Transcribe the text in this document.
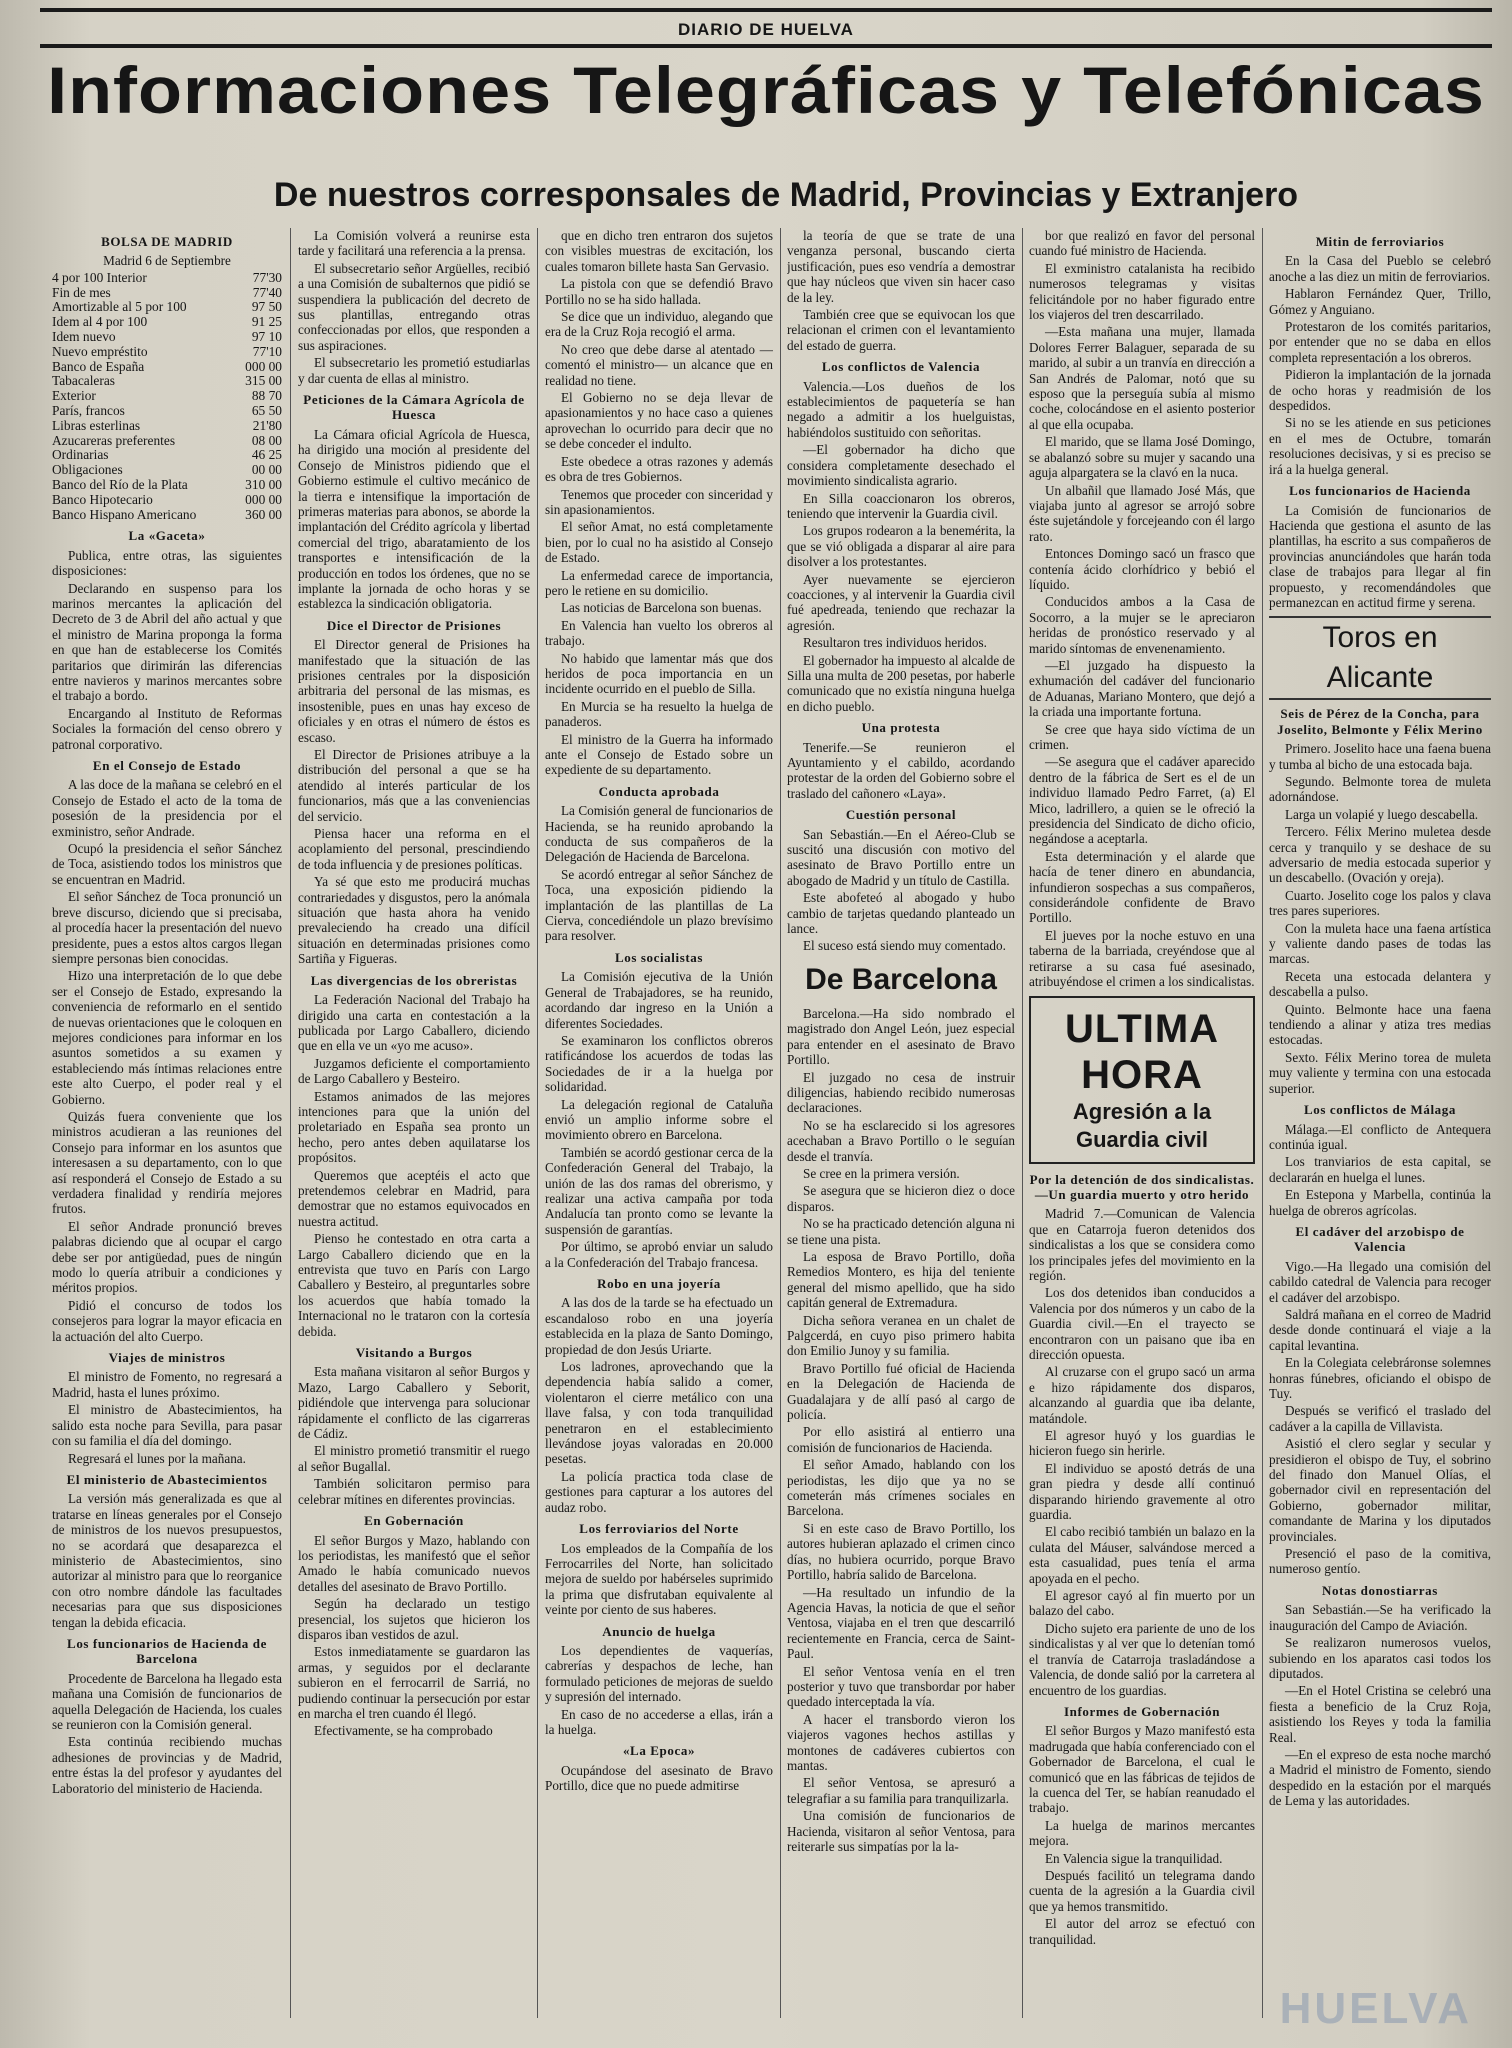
DIARIO DE HUELVA
Informaciones Telegráficas y Telefónicas
De nuestros corresponsales de Madrid, Provincias y Extranjero
BOLSA DE MADRID
Madrid 6 de Septiembre
4 por 100 Interior	77'30
Fin de mes	77'40
Amortizable al 5 por 100	97 50
Idem al 4 por 100	91 25
Idem nuevo	97 10
Nuevo empréstito	77'10
Banco de España	000 00
Tabacaleras	315 00
Exterior	88 70
París, francos	65 50
Libras esterlinas	21'80
Azucareras preferentes	08 00
Ordinarias	46 25
Obligaciones	00 00
Banco del Río de la Plata	310 00
Banco Hipotecario	000 00
Banco Hispano Americano	360 00
La «Gaceta»

Publica, entre otras, las siguientes disposiciones:

Declarando en suspenso para los marinos mercantes la aplicación del Decreto de 3 de Abril del año actual y que el ministro de Marina proponga la forma en que han de establecerse los Comités paritarios que dirimirán las diferencias entre navieros y marinos mercantes sobre el trabajo a bordo.

Encargando al Instituto de Reformas Sociales la formación del censo obrero y patronal corporativo.

En el Consejo de Estado

A las doce de la mañana se celebró en el Consejo de Estado el acto de la toma de posesión de la presidencia por el exministro, señor Andrade.

Ocupó la presidencia el señor Sánchez de Toca, asistiendo todos los ministros que se encuentran en Madrid.

El señor Sánchez de Toca pronunció un breve discurso, diciendo que si precisaba, al procedía hacer la presentación del nuevo presidente, pues a estos altos cargos llegan siempre personas bien conocidas.

Hizo una interpretación de lo que debe ser el Consejo de Estado, expresando la conveniencia de reformarlo en el sentido de nuevas orientaciones que le coloquen en mejores condiciones para informar en los asuntos sometidos a su examen y estableciendo más íntimas relaciones entre este alto Cuerpo, el poder real y el Gobierno.

Quizás fuera conveniente que los ministros acudieran a las reuniones del Consejo para informar en los asuntos que interesasen a su departamento, con lo que así responderá el Consejo de Estado a su verdadera finalidad y rendiría mejores frutos.

El señor Andrade pronunció breves palabras diciendo que al ocupar el cargo debe ser por antigüedad, pues de ningún modo lo quería atribuir a condiciones y méritos propios.

Pidió el concurso de todos los consejeros para lograr la mayor eficacia en la actuación del alto Cuerpo.

Viajes de ministros

El ministro de Fomento, no regresará a Madrid, hasta el lunes próximo.

El ministro de Abastecimientos, ha salido esta noche para Sevilla, para pasar con su familia el día del domingo.

Regresará el lunes por la mañana.

El ministerio de Abastecimientos

La versión más generalizada es que al tratarse en líneas generales por el Consejo de ministros de los nuevos presupuestos, no se acordará que desaparezca el ministerio de Abastecimientos, sino autorizar al ministro para que lo reorganice con otro nombre dándole las facultades necesarias para que sus disposiciones tengan la debida eficacia.

Los funcionarios de Hacienda de Barcelona

Procedente de Barcelona ha llegado esta mañana una Comisión de funcionarios de aquella Delegación de Hacienda, los cuales se reunieron con la Comisión general.

Esta continúa recibiendo muchas adhesiones de provincias y de Madrid, entre éstas la del profesor y ayudantes del Laboratorio del ministerio de Hacienda.

La Comisión volverá a reunirse esta tarde y facilitará una referencia a la prensa.

El subsecretario señor Argüelles, recibió a una Comisión de subalternos que pidió se suspendiera la publicación del decreto de sus plantillas, entregando otras confeccionadas por ellos, que responden a sus aspiraciones.

El subsecretario les prometió estudiarlas y dar cuenta de ellas al ministro.

Peticiones de la Cámara Agrícola de Huesca

La Cámara oficial Agrícola de Huesca, ha dirigido una moción al presidente del Consejo de Ministros pidiendo que el Gobierno estimule el cultivo mecánico de la tierra e intensifique la importación de primeras materias para abonos, se aborde la implantación del Crédito agrícola y libertad comercial del trigo, abaratamiento de los transportes e intensificación de la producción en todos los órdenes, que no se implante la jornada de ocho horas y se establezca la sindicación obligatoria.

Dice el Director de Prisiones

El Director general de Prisiones ha manifestado que la situación de las prisiones centrales por la disposición arbitraria del personal de las mismas, es insostenible, pues en unas hay exceso de oficiales y en otras el número de éstos es escaso.

El Director de Prisiones atribuye a la distribución del personal a que se ha atendido al interés particular de los funcionarios, más que a las conveniencias del servicio.

Piensa hacer una reforma en el acoplamiento del personal, prescindiendo de toda influencia y de presiones políticas.

Ya sé que esto me producirá muchas contrariedades y disgustos, pero la anómala situación que hasta ahora ha venido prevaleciendo ha creado una difícil situación en determinadas prisiones como Sartiña y Figueras.

Las divergencias de los obreristas

La Federación Nacional del Trabajo ha dirigido una carta en contestación a la publicada por Largo Caballero, diciendo que en ella ve un «yo me acuso».

Juzgamos deficiente el comportamiento de Largo Caballero y Besteiro.

Estamos animados de las mejores intenciones para que la unión del proletariado en España sea pronto un hecho, pero antes deben aquilatarse los propósitos.

Queremos que aceptéis el acto que pretendemos celebrar en Madrid, para demostrar que no estamos equivocados en nuestra actitud.

Pienso he contestado en otra carta a Largo Caballero diciendo que en la entrevista que tuvo en París con Largo Caballero y Besteiro, al preguntarles sobre los acuerdos que había tomado la Internacional no le trataron con la cortesía debida.

Visitando a Burgos

Esta mañana visitaron al señor Burgos y Mazo, Largo Caballero y Seborit, pidiéndole que intervenga para solucionar rápidamente el conflicto de las cigarreras de Cádiz.

El ministro prometió transmitir el ruego al señor Bugallal.

También solicitaron permiso para celebrar mítines en diferentes provincias.

En Gobernación

El señor Burgos y Mazo, hablando con los periodistas, les manifestó que el señor Amado le había comunicado nuevos detalles del asesinato de Bravo Portillo.

Según ha declarado un testigo presencial, los sujetos que hicieron los disparos iban vestidos de azul.

Estos inmediatamente se guardaron las armas, y seguidos por el declarante subieron en el ferrocarril de Sarriá, no pudiendo continuar la persecución por estar en marcha el tren cuando él llegó.

Efectivamente, se ha comprobado

que en dicho tren entraron dos sujetos con visibles muestras de excitación, los cuales tomaron billete hasta San Gervasio.

La pistola con que se defendió Bravo Portillo no se ha sido hallada.

Se dice que un individuo, alegando que era de la Cruz Roja recogió el arma.

No creo que debe darse al atentado —comentó el ministro— un alcance que en realidad no tiene.

El Gobierno no se deja llevar de apasionamientos y no hace caso a quienes aprovechan lo ocurrido para decir que no se debe conceder el indulto.

Este obedece a otras razones y además es obra de tres Gobiernos.

Tenemos que proceder con sinceridad y sin apasionamientos.

El señor Amat, no está completamente bien, por lo cual no ha asistido al Consejo de Estado.

La enfermedad carece de importancia, pero le retiene en su domicilio.

Las noticias de Barcelona son buenas.

En Valencia han vuelto los obreros al trabajo.

No habido que lamentar más que dos heridos de poca importancia en un incidente ocurrido en el pueblo de Silla.

En Murcia se ha resuelto la huelga de panaderos.

El ministro de la Guerra ha informado ante el Consejo de Estado sobre un expediente de su departamento.

Conducta aprobada

La Comisión general de funcionarios de Hacienda, se ha reunido aprobando la conducta de sus compañeros de la Delegación de Hacienda de Barcelona.

Se acordó entregar al señor Sánchez de Toca, una exposición pidiendo la implantación de las plantillas de La Cierva, concediéndole un plazo brevísimo para resolver.

Los socialistas

La Comisión ejecutiva de la Unión General de Trabajadores, se ha reunido, acordando dar ingreso en la Unión a diferentes Sociedades.

Se examinaron los conflictos obreros ratificándose los acuerdos de todas las Sociedades de ir a la huelga por solidaridad.

La delegación regional de Cataluña envió un amplio informe sobre el movimiento obrero en Barcelona.

También se acordó gestionar cerca de la Confederación General del Trabajo, la unión de las dos ramas del obrerismo, y realizar una activa campaña por toda Andalucía tan pronto como se levante la suspensión de garantías.

Por último, se aprobó enviar un saludo a la Confederación del Trabajo francesa.

Robo en una joyería

A las dos de la tarde se ha efectuado un escandaloso robo en una joyería establecida en la plaza de Santo Domingo, propiedad de don Jesús Uriarte.

Los ladrones, aprovechando que la dependencia había salido a comer, violentaron el cierre metálico con una llave falsa, y con toda tranquilidad penetraron en el establecimiento llevándose joyas valoradas en 20.000 pesetas.

La policía practica toda clase de gestiones para capturar a los autores del audaz robo.

Los ferroviarios del Norte

Los empleados de la Compañía de los Ferrocarriles del Norte, han solicitado mejora de sueldo por habérseles suprimido la prima que disfrutaban equivalente al veinte por ciento de sus haberes.

Anuncio de huelga

Los dependientes de vaquerías, cabrerías y despachos de leche, han formulado peticiones de mejoras de sueldo y supresión del internado.

En caso de no accederse a ellas, irán a la huelga.

«La Epoca»

Ocupándose del asesinato de Bravo Portillo, dice que no puede admitirse

la teoría de que se trate de una venganza personal, buscando cierta justificación, pues eso vendría a demostrar que hay núcleos que viven sin hacer caso de la ley.

También cree que se equivocan los que relacionan el crimen con el levantamiento del estado de guerra.

Los conflictos de Valencia

Valencia.—Los dueños de los establecimientos de paquetería se han negado a admitir a los huelguistas, habiéndolos sustituido con señoritas.

—El gobernador ha dicho que considera completamente desechado el movimiento sindicalista agrario.

En Silla coaccionaron los obreros, teniendo que intervenir la Guardia civil.

Los grupos rodearon a la benemérita, la que se vió obligada a disparar al aire para disolver a los protestantes.

Ayer nuevamente se ejercieron coacciones, y al intervenir la Guardia civil fué apedreada, teniendo que rechazar la agresión.

Resultaron tres individuos heridos.

El gobernador ha impuesto al alcalde de Silla una multa de 200 pesetas, por haberle comunicado que no existía ninguna huelga en dicho pueblo.

Una protesta

Tenerife.—Se reunieron el Ayuntamiento y el cabildo, acordando protestar de la orden del Gobierno sobre el traslado del cañonero «Laya».

Cuestión personal

San Sebastián.—En el Aéreo-Club se suscitó una discusión con motivo del asesinato de Bravo Portillo entre un abogado de Madrid y un título de Castilla.

Este abofeteó al abogado y hubo cambio de tarjetas quedando planteado un lance.

El suceso está siendo muy comentado.

De Barcelona

Barcelona.—Ha sido nombrado el magistrado don Angel León, juez especial para entender en el asesinato de Bravo Portillo.

El juzgado no cesa de instruir diligencias, habiendo recibido numerosas declaraciones.

No se ha esclarecido si los agresores acechaban a Bravo Portillo o le seguían desde el tranvía.

Se cree en la primera versión.

Se asegura que se hicieron diez o doce disparos.

No se ha practicado detención alguna ni se tiene una pista.

La esposa de Bravo Portillo, doña Remedios Montero, es hija del teniente general del mismo apellido, que ha sido capitán general de Extremadura.

Dicha señora veranea en un chalet de Palgcerdá, en cuyo piso primero habita don Emilio Junoy y su familia.

Bravo Portillo fué oficial de Hacienda en la Delegación de Hacienda de Guadalajara y de allí pasó al cargo de policía.

Por ello asistirá al entierro una comisión de funcionarios de Hacienda.

El señor Amado, hablando con los periodistas, les dijo que ya no se cometerán más crímenes sociales en Barcelona.

Si en este caso de Bravo Portillo, los autores hubieran aplazado el crimen cinco días, no hubiera ocurrido, porque Bravo Portillo, habría salido de Barcelona.

—Ha resultado un infundio de la Agencia Havas, la noticia de que el señor Ventosa, viajaba en el tren que descarriló recientemente en Francia, cerca de Saint-Paul.

El señor Ventosa venía en el tren posterior y tuvo que transbordar por haber quedado interceptada la vía.

A hacer el transbordo vieron los viajeros vagones hechos astillas y montones de cadáveres cubiertos con mantas.

El señor Ventosa, se apresuró a telegrafiar a su familia para tranquilizarla.

Una comisión de funcionarios de Hacienda, visitaron al señor Ventosa, para reiterarle sus simpatías por la la-

bor que realizó en favor del personal cuando fué ministro de Hacienda.

El exministro catalanista ha recibido numerosos telegramas y visitas felicitándole por no haber figurado entre los viajeros del tren descarrilado.

—Esta mañana una mujer, llamada Dolores Ferrer Balaguer, separada de su marido, al subir a un tranvía en dirección a San Andrés de Palomar, notó que su esposo que la perseguía subía al mismo coche, colocándose en el asiento posterior al que ella ocupaba.

El marido, que se llama José Domingo, se abalanzó sobre su mujer y sacando una aguja alpargatera se la clavó en la nuca.

Un albañil que llamado José Más, que viajaba junto al agresor se arrojó sobre éste sujetándole y forcejeando con él largo rato.

Entonces Domingo sacó un frasco que contenía ácido clorhídrico y bebió el líquido.

Conducidos ambos a la Casa de Socorro, a la mujer se le apreciaron heridas de pronóstico reservado y al marido síntomas de envenenamiento.

—El juzgado ha dispuesto la exhumación del cadáver del funcionario de Aduanas, Mariano Montero, que dejó a la criada una importante fortuna.

Se cree que haya sido víctima de un crimen.

—Se asegura que el cadáver aparecido dentro de la fábrica de Sert es el de un individuo llamado Pedro Farret, (a) El Mico, ladrillero, a quien se le ofreció la presidencia del Sindicato de dicho oficio, negándose a aceptarla.

Esta determinación y el alarde que hacía de tener dinero en abundancia, infundieron sospechas a sus compañeros, considerándole confidente de Bravo Portillo.

El jueves por la noche estuvo en una taberna de la barriada, creyéndose que al retirarse a su casa fué asesinado, atribuyéndose el crimen a los sindicalistas.

ULTIMA HORA
Agresión a la Guardia civil
Por la detención de dos sindicalistas.—Un guardia muerto y otro herido

Madrid 7.—Comunican de Valencia que en Catarroja fueron detenidos dos sindicalistas a los que se considera como los principales jefes del movimiento en la región.

Los dos detenidos iban conducidos a Valencia por dos números y un cabo de la Guardia civil.—En el trayecto se encontraron con un paisano que iba en dirección opuesta.

Al cruzarse con el grupo sacó un arma e hizo rápidamente dos disparos, alcanzando al guardia que iba delante, matándole.

El agresor huyó y los guardias le hicieron fuego sin herirle.

El individuo se apostó detrás de una gran piedra y desde allí continuó disparando hiriendo gravemente al otro guardia.

El cabo recibió también un balazo en la culata del Máuser, salvándose merced a esta casualidad, pues tenía el arma apoyada en el pecho.

El agresor cayó al fin muerto por un balazo del cabo.

Dicho sujeto era pariente de uno de los sindicalistas y al ver que lo detenían tomó el tranvía de Catarroja trasladándose a Valencia, de donde salió por la carretera al encuentro de los guardias.

Informes de Gobernación

El señor Burgos y Mazo manifestó esta madrugada que había conferenciado con el Gobernador de Barcelona, el cual le comunicó que en las fábricas de tejidos de la cuenca del Ter, se habían reanudado el trabajo.

La huelga de marinos mercantes mejora.

En Valencia sigue la tranquilidad.

Después facilitó un telegrama dando cuenta de la agresión a la Guardia civil que ya hemos transmitido.

El autor del arroz se efectuó con tranquilidad.

Mitin de ferroviarios

En la Casa del Pueblo se celebró anoche a las diez un mitin de ferroviarios.

Hablaron Fernández Quer, Trillo, Gómez y Anguiano.

Protestaron de los comités paritarios, por entender que no se daba en ellos completa representación a los obreros.

Pidieron la implantación de la jornada de ocho horas y readmisión de los despedidos.

Si no se les atiende en sus peticiones en el mes de Octubre, tomarán resoluciones decisivas, y si es preciso se irá a la huelga general.

Los funcionarios de Hacienda

La Comisión de funcionarios de Hacienda que gestiona el asunto de las plantillas, ha escrito a sus compañeros de provincias anunciándoles que harán toda clase de trabajos para llegar al fin propuesto, y recomendándoles que permanezcan en actitud firme y serena.

Toros en Alicante
Seis de Pérez de la Concha, para Joselito, Belmonte y Félix Merino

Primero. Joselito hace una faena buena y tumba al bicho de una estocada baja.

Segundo. Belmonte torea de muleta adornándose.

Larga un volapié y luego descabella.

Tercero. Félix Merino muletea desde cerca y tranquilo y se deshace de su adversario de media estocada superior y un descabello. (Ovación y oreja).

Cuarto. Joselito coge los palos y clava tres pares superiores.

Con la muleta hace una faena artística y valiente dando pases de todas las marcas.

Receta una estocada delantera y descabella a pulso.

Quinto. Belmonte hace una faena tendiendo a alinar y atiza tres medias estocadas.

Sexto. Félix Merino torea de muleta muy valiente y termina con una estocada superior.

Los conflictos de Málaga

Málaga.—El conflicto de Antequera continúa igual.

Los tranviarios de esta capital, se declararán en huelga el lunes.

En Estepona y Marbella, continúa la huelga de obreros agrícolas.

El cadáver del arzobispo de Valencia

Vigo.—Ha llegado una comisión del cabildo catedral de Valencia para recoger el cadáver del arzobispo.

Saldrá mañana en el correo de Madrid desde donde continuará el viaje a la capital levantina.

En la Colegiata celebráronse solemnes honras fúnebres, oficiando el obispo de Tuy.

Después se verificó el traslado del cadáver a la capilla de Villavista.

Asistió el clero seglar y secular y presidieron el obispo de Tuy, el sobrino del finado don Manuel Olías, el gobernador civil en representación del Gobierno, gobernador militar, comandante de Marina y los diputados provinciales.

Presenció el paso de la comitiva, numeroso gentío.

Notas donostiarras

San Sebastián.—Se ha verificado la inauguración del Campo de Aviación.

Se realizaron numerosos vuelos, subiendo en los aparatos casi todos los diputados.

—En el Hotel Cristina se celebró una fiesta a beneficio de la Cruz Roja, asistiendo los Reyes y toda la familia Real.

—En el expreso de esta noche marchó a Madrid el ministro de Fomento, siendo despedido en la estación por el marqués de Lema y las autoridades.

HUELVA
